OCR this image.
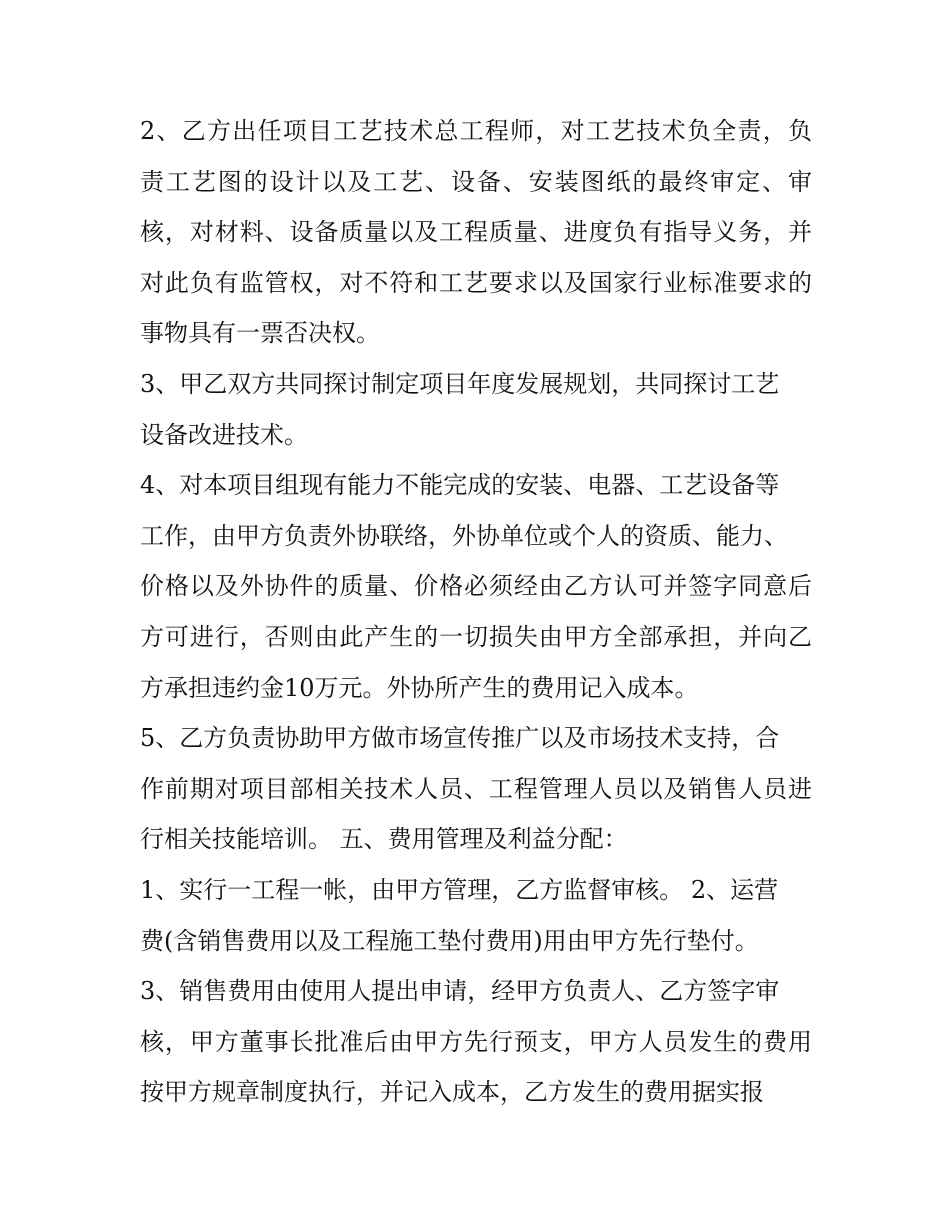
2、乙方出任项目工艺技术总工程师，对工艺技术负全责，负
责工艺图的设计以及工艺、设备、安装图纸的最终审定、审
核，对材料、设备质量以及工程质量、进度负有指导义务，并
对此负有监管权，对不符和工艺要求以及国家行业标准要求的
事物具有一票否决权。
3、甲乙双方共同探讨制定项目年度发展规划，共同探讨工艺
设备改进技术。
4、对本项目组现有能力不能完成的安装、电器、工艺设备等
工作，由甲方负责外协联络，外协单位或个人的资质、能力、
价格以及外协件的质量、价格必须经由乙方认可并签字同意后
方可进行，否则由此产生的一切损失由甲方全部承担，并向乙
方承担违约金10万元。外协所产生的费用记入成本。
5、乙方负责协助甲方做市场宣传推广以及市场技术支持，合
作前期对项目部相关技术人员、工程管理人员以及销售人员进
行相关技能培训。 五、费用管理及利益分配：
1、实行一工程一帐，由甲方管理，乙方监督审核。 2、运营
费(含销售费用以及工程施工垫付费用)用由甲方先行垫付。
3、销售费用由使用人提出申请，经甲方负责人、乙方签字审
核，甲方董事长批准后由甲方先行预支，甲方人员发生的费用
按甲方规章制度执行，并记入成本，乙方发生的费用据实报
